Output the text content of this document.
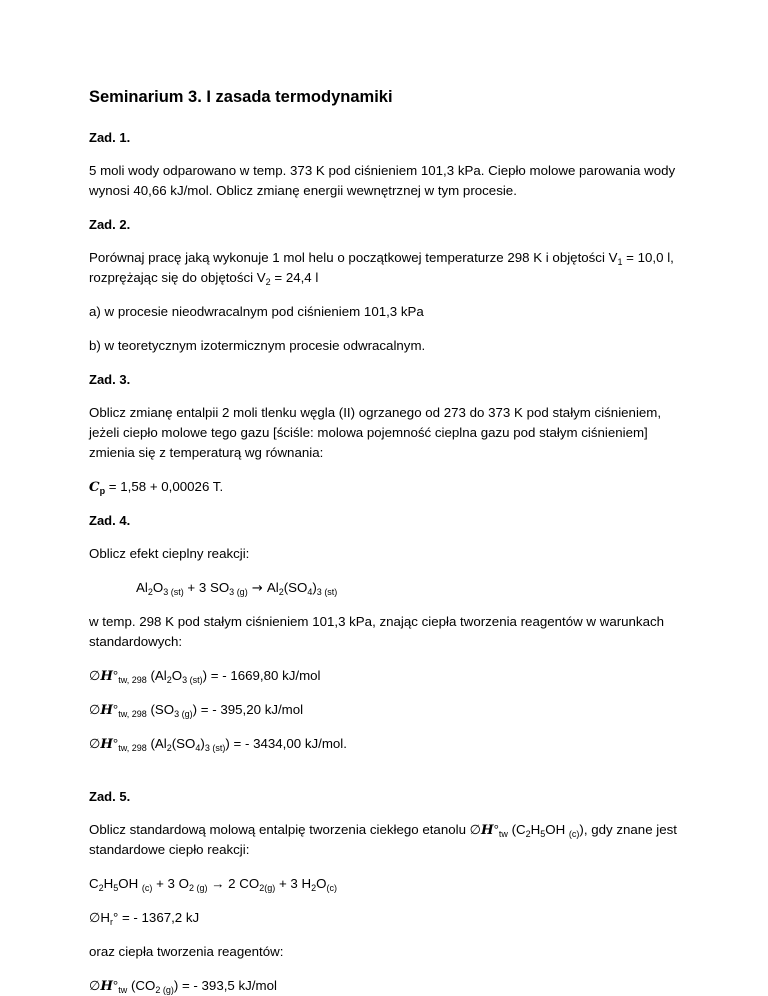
Seminarium 3. I zasada termodynamiki
Zad. 1.
5 moli wody odparowano w temp. 373 K pod ciśnieniem 101,3 kPa. Ciepło molowe parowania wody
wynosi 40,66 kJ/mol. Oblicz zmianę energii wewnętrznej w tym procesie.
Zad. 2.
Porównaj pracę jaką wykonuje 1 mol helu o początkowej temperaturze 298 K i objętości $V_1 = 10,0$ l,
rozprężając się do objętości $V_2 = 24,4$ l
a) w procesie nieodwracalnym pod ciśnieniem 101,3 kPa
b) w teoretycznym izotermicznym procesie odwracalnym.
Zad. 3.
Oblicz zmianę entalpii 2 moli tlenku węgla (II) ogrzanego od 273 do 373 K pod stałym ciśnieniem,
jeżeli ciepło molowe tego gazu [ściśle: molowa pojemność cieplna gazu pod stałym ciśnieniem]
zmienia się z temperaturą wg równania:
$C_p = 1,58 + 0,00026$ T.
Zad. 4.
Oblicz efekt cieplny reakcji:
$Al_2O_3$ $_{(st)}$ + 3 $SO_3$ $_{(g)} \to Al_2(SO_4)_3$ $_{(st)}$
w temp. 298 K pod stałym ciśnieniem 101,3 kPa, znając ciepła tworzenia reagentów w warunkach
standardowych:
$\emptyset H^\circ_{tw, 298}$ $(Al_2O_{3 (st)})$ = - 1669,80 kJ/mol
$\emptyset H^\circ_{tw, 298}$ $(SO_{3 (g)})$ = - 395,20 kJ/mol
$\emptyset H^\circ_{tw, 298}$ $(Al_2(SO_4)_{3 (st)})$ = - 3434,00 kJ/mol.
Zad. 5.
Oblicz standardową molową entalpię tworzenia ciekłego etanolu $\emptyset H^\circ_{tw}$ ($C_2H_5OH$ $_{(c)}$), gdy znane jest
standardowe ciepło reakcji:
$C_2H_5OH$ $_{(c)}$ + 3 $O_{2 (g)} \to 2$ $CO_{2(g)} + 3$ $H_2O_{(c)}$
$\emptyset H_r^\circ$ = - 1367,2 kJ
oraz ciepła tworzenia reagentów:
$\emptyset H^\circ_{tw}$ $(CO_{2 (g)})$ = - 393,5 kJ/mol
